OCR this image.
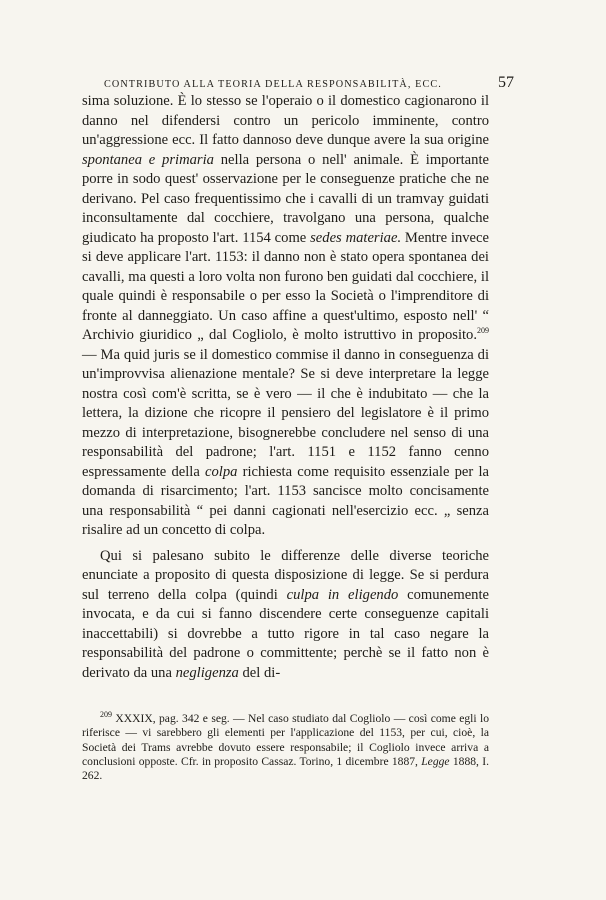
CONTRIBUTO ALLA TEORIA DELLA RESPONSABILITÀ, ECC.	57

sima soluzione. È lo stesso se l'operaio o il domestico cagionarono il danno nel difendersi contro un pericolo imminente, contro un'aggressione ecc. Il fatto dannoso deve dunque avere la sua origine spontanea e primaria nella persona o nell' animale. È importante porre in sodo quest' osservazione per le conseguenze pratiche che ne derivano. Pel caso frequentissimo che i cavalli di un tramvay guidati inconsultamente dal cocchiere, travolgano una persona, qualche giudicato ha proposto l'art. 1154 come sedes materiae. Mentre invece si deve applicare l'art. 1153: il danno non è stato opera spontanea dei cavalli, ma questi a loro volta non furono ben guidati dal cocchiere, il quale quindi è responsabile o per esso la Società o l'imprenditore di fronte al danneggiato. Un caso affine a quest'ultimo, esposto nell' “ Archivio giuridico „ dal Cogliolo, è molto istruttivo in proposito.$^{209}$ — Ma quid juris se il domestico commise il danno in conseguenza di un'improvvisa alienazione mentale? Se si deve interpretare la legge nostra così com'è scritta, se è vero — il che è indubitato — che la lettera, la dizione che ricopre il pensiero del legislatore è il primo mezzo di interpretazione, bisognerebbe concludere nel senso di una responsabilità del padrone; l'art. 1151 e 1152 fanno cenno espressamente della colpa richiesta come requisito essenziale per la domanda di risarcimento; l'art. 1153 sancisce molto concisamente una responsabilità “ pei danni cagionati nell'esercizio ecc. „ senza risalire ad un concetto di colpa.

Qui si palesano subito le differenze delle diverse teoriche enunciate a proposito di questa disposizione di legge. Se si perdura sul terreno della colpa (quindi culpa in eligendo comunemente invocata, e da cui si fanno discendere certe conseguenze capitali inaccettabili) si dovrebbe a tutto rigore in tal caso negare la responsabilità del padrone o committente; perchè se il fatto non è derivato da una negligenza del di-

$^{209}$ XXXIX, pag. 342 e seg. — Nel caso studiato dal Cogliolo — così come egli lo riferisce — vi sarebbero gli elementi per l'applicazione del 1153, per cui, cioè, la Società dei Trams avrebbe dovuto essere responsabile; il Cogliolo invece arriva a conclusioni opposte. Cfr. in proposito Cassaz. Torino, 1 dicembre 1887, Legge 1888, I. 262.
